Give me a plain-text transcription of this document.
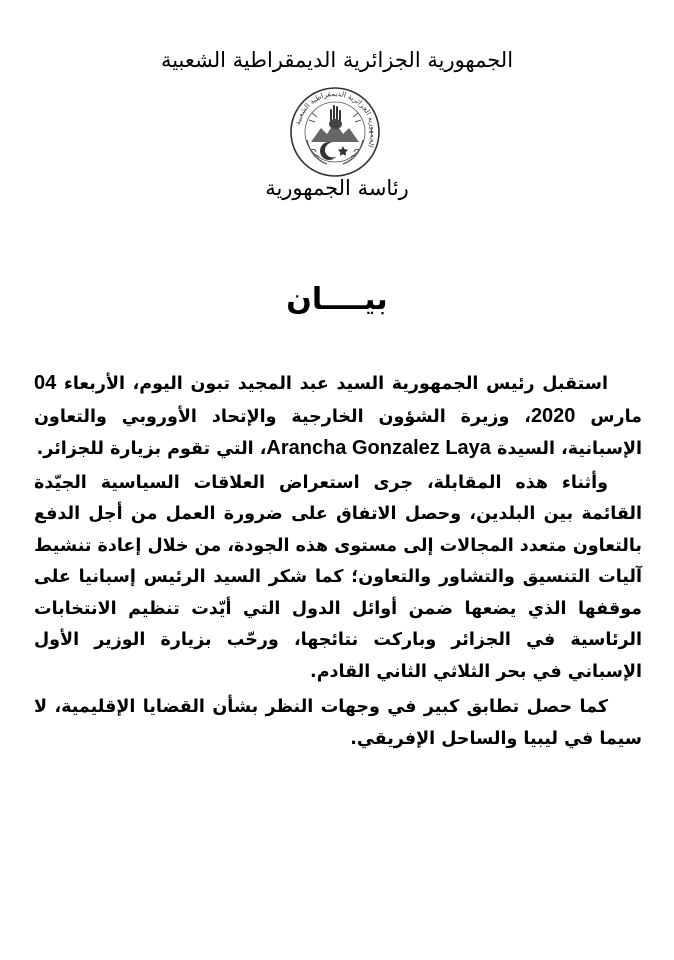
الجمهورية الجزائرية الديمقراطية الشعبية
الجمهورية الجزائرية الديمقراطية الشعبية
رئاسة الجمهورية
بيــــان

استقبل رئيس الجمهورية السيد عبد المجيد تبون اليوم، الأربعاء 04 مارس 2020، وزيرة الشؤون الخارجية والإتحاد الأوروبي والتعاون الإسبانية، السيدة Arancha Gonzalez Laya، التي تقوم بزيارة للجزائر.

وأثناء هذه المقابلة، جرى استعراض العلاقات السياسية الجيّدة القائمة بين البلدين، وحصل الاتفاق على ضرورة العمل من أجل الدفع بالتعاون متعدد المجالات إلى مستوى هذه الجودة، من خلال إعادة تنشيط آليات التنسيق والتشاور والتعاون؛ كما شكر السيد الرئيس إسبانيا على موقفها الذي يضعها ضمن أوائل الدول التي أيّدت تنظيم الانتخابات الرئاسية في الجزائر وباركت نتائجها، ورحّب بزيارة الوزير الأول الإسباني في بحر الثلاثي الثاني القادم.

كما حصل تطابق كبير في وجهات النظر بشأن القضايا الإقليمية، لا سيما في ليبيا والساحل الإفريقي.
